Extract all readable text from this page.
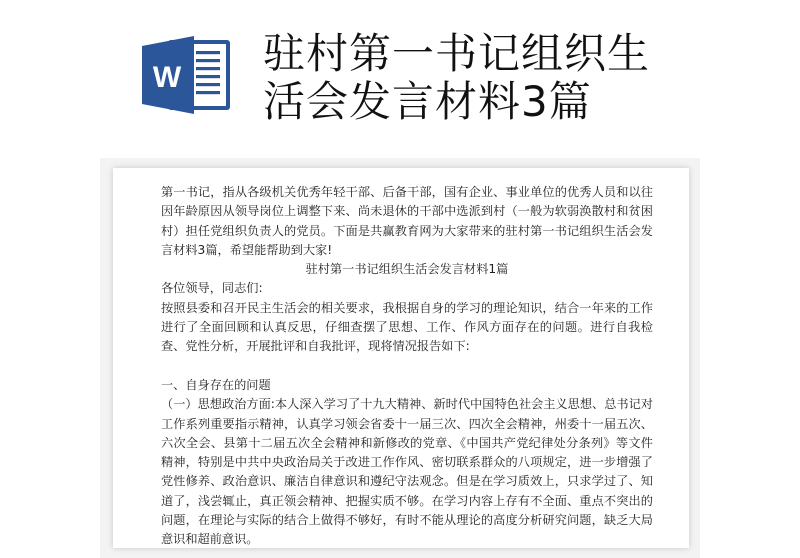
W 驻村第一书记组织生
活会发言材料3篇

第一书记，指从各级机关优秀年轻干部、后备干部，国有企业、事业单位的优秀人员和以往因年龄原因从领导岗位上调整下来、尚未退休的干部中选派到村（一般为软弱涣散村和贫困村）担任党组织负责人的党员。下面是共赢教育网为大家带来的驻村第一书记组织生活会发言材料3篇，希望能帮助到大家!

驻村第一书记组织生活会发言材料1篇

各位领导，同志们:

按照县委和召开民主生活会的相关要求，我根据自身的学习的理论知识，结合一年来的工作进行了全面回顾和认真反思，仔细查摆了思想、工作、作风方面存在的问题。进行自我检查、党性分析，开展批评和自我批评，现将情况报告如下:

一、自身存在的问题

（一）思想政治方面:本人深入学习了十九大精神、新时代中国特色社会主义思想、总书记对工作系列重要指示精神，认真学习领会省委十一届三次、四次全会精神，州委十一届五次、六次全会、县第十二届五次全会精神和新修改的党章、《中国共产党纪律处分条列》等文件精神，特别是中共中央政治局关于改进工作作风、密切联系群众的八项规定，进一步增强了党性修养、政治意识、廉洁自律意识和遵纪守法观念。但是在学习质效上，只求学过了、知道了，浅尝辄止，真正领会精神、把握实质不够。在学习内容上存有不全面、重点不突出的问题，在理论与实际的结合上做得不够好，有时不能从理论的高度分析研究问题，缺乏大局意识和超前意识。
